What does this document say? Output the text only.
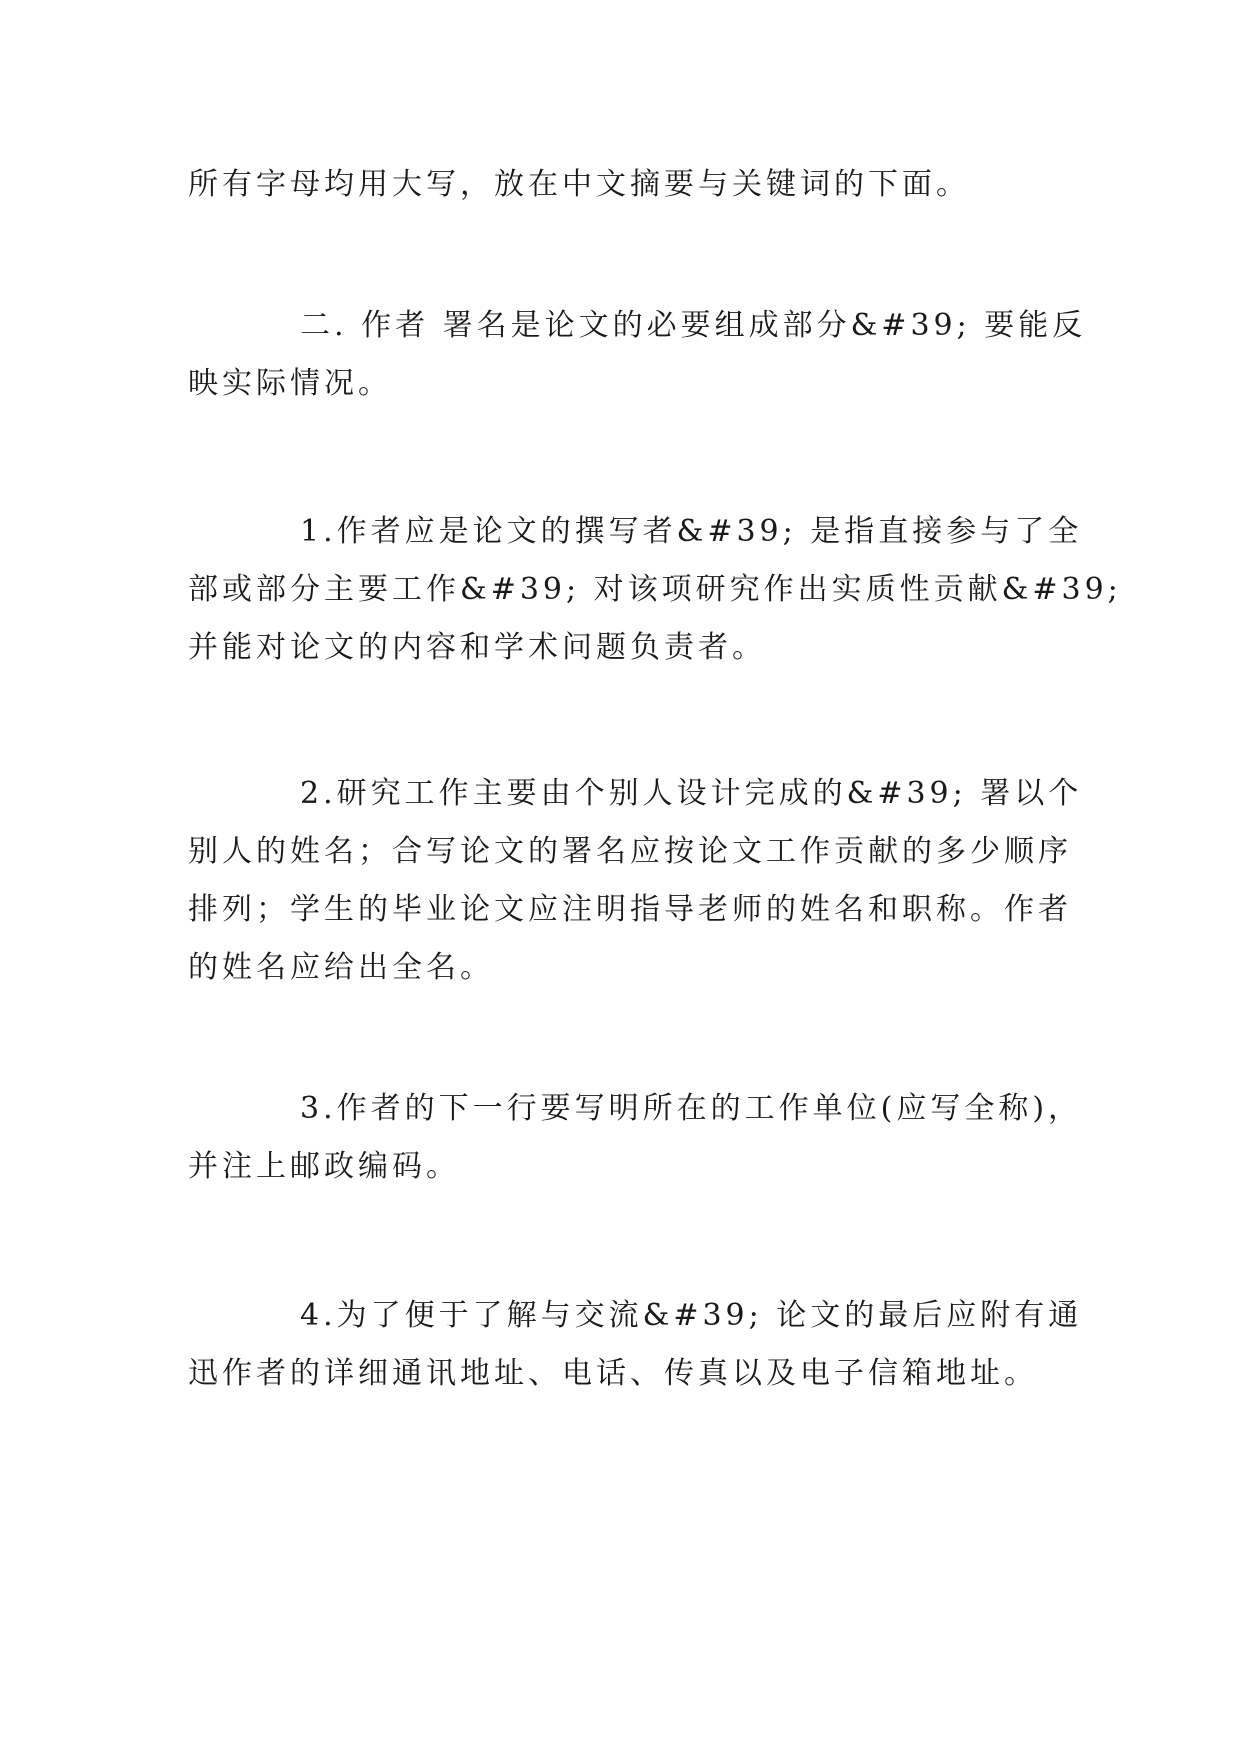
所有字母均用大写，放在中文摘要与关键词的下面。

二. 作者 署名是论文的必要组成部分&#39; 要能反
映实际情况。

1.作者应是论文的撰写者&#39; 是指直接参与了全
部或部分主要工作&#39; 对该项研究作出实质性贡献&#39;
并能对论文的内容和学术问题负责者。

2.研究工作主要由个别人设计完成的&#39; 署以个
别人的姓名；合写论文的署名应按论文工作贡献的多少顺序
排列；学生的毕业论文应注明指导老师的姓名和职称。作者
的姓名应给出全名。

3.作者的下一行要写明所在的工作单位(应写全称)，
并注上邮政编码。

4.为了便于了解与交流&#39; 论文的最后应附有通
迅作者的详细通讯地址、电话、传真以及电子信箱地址。
